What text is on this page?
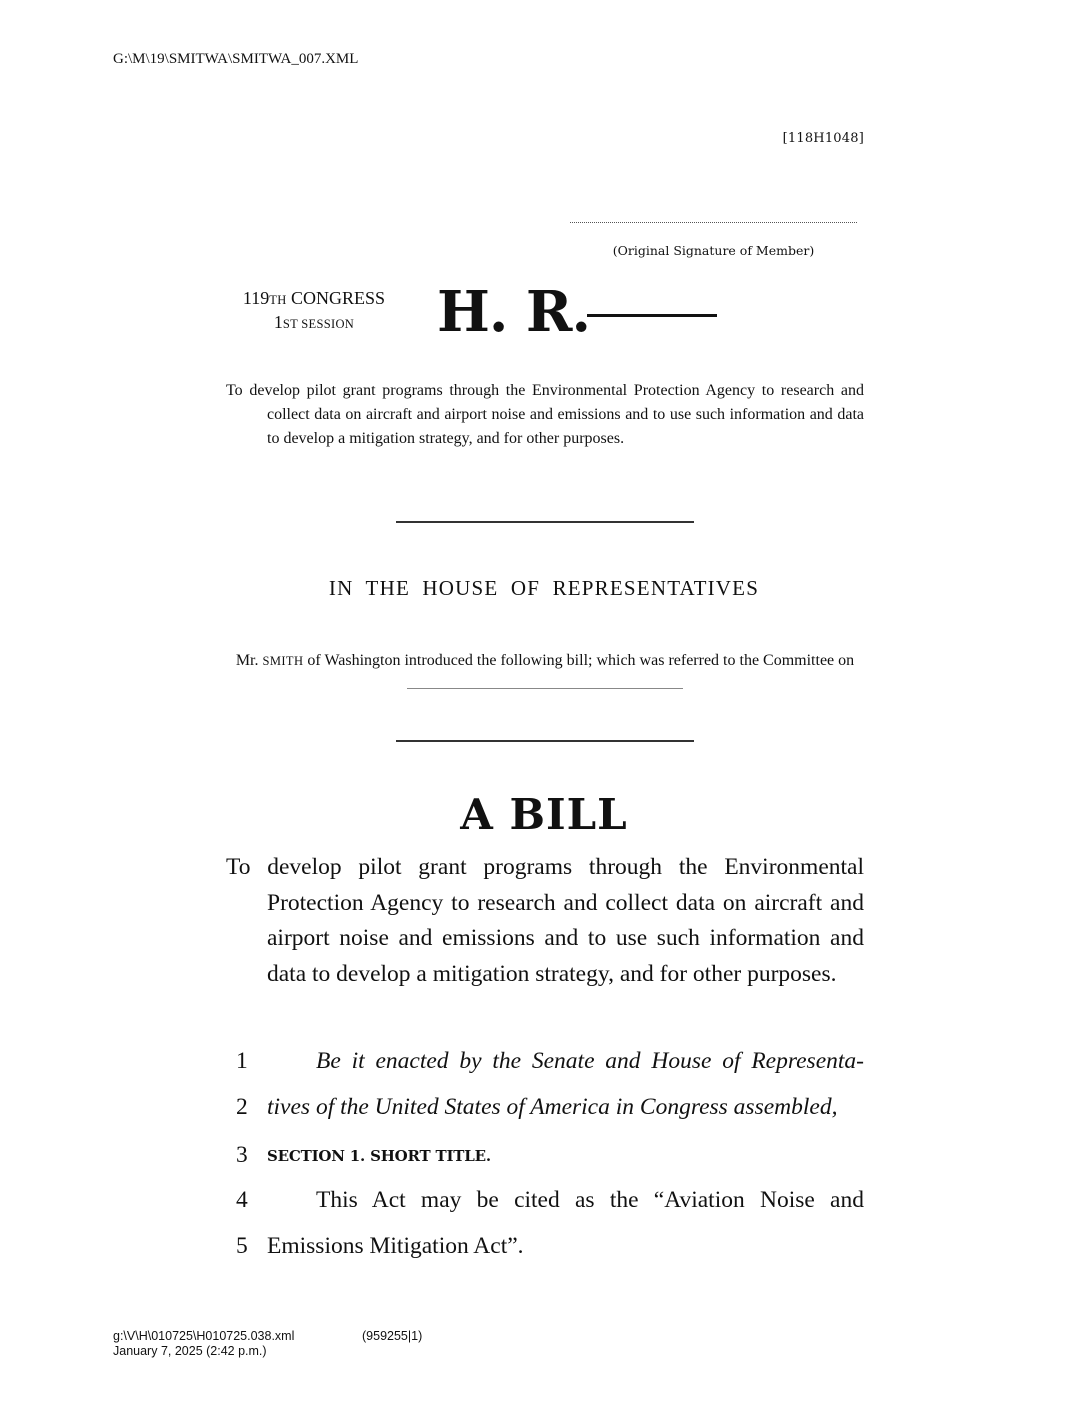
G:\M\19\SMITWA\SMITWA_007.XML
[118H1048]
(Original Signature of Member)
119TH CONGRESS
1ST SESSION	H. R.
To develop pilot grant programs through the Environmental Protection Agency to research and collect data on aircraft and airport noise and emissions and to use such information and data to develop a mitigation strategy, and for other purposes.
IN THE HOUSE OF REPRESENTATIVES
Mr. SMITH of Washington introduced the following bill; which was referred to the Committee on
A BILL
To develop pilot grant programs through the Environmental Protection Agency to research and collect data on aircraft and airport noise and emissions and to use such information and data to develop a mitigation strategy, and for other purposes.
1	Be it enacted by the Senate and House of Representa-
2 tives of the United States of America in Congress assembled,
3	SECTION 1. SHORT TITLE.
4	This Act may be cited as the “Aviation Noise and
5 Emissions Mitigation Act”.
g:\V\H\010725\H010725.038.xml	(959255|1)
January 7, 2025 (2:42 p.m.)
